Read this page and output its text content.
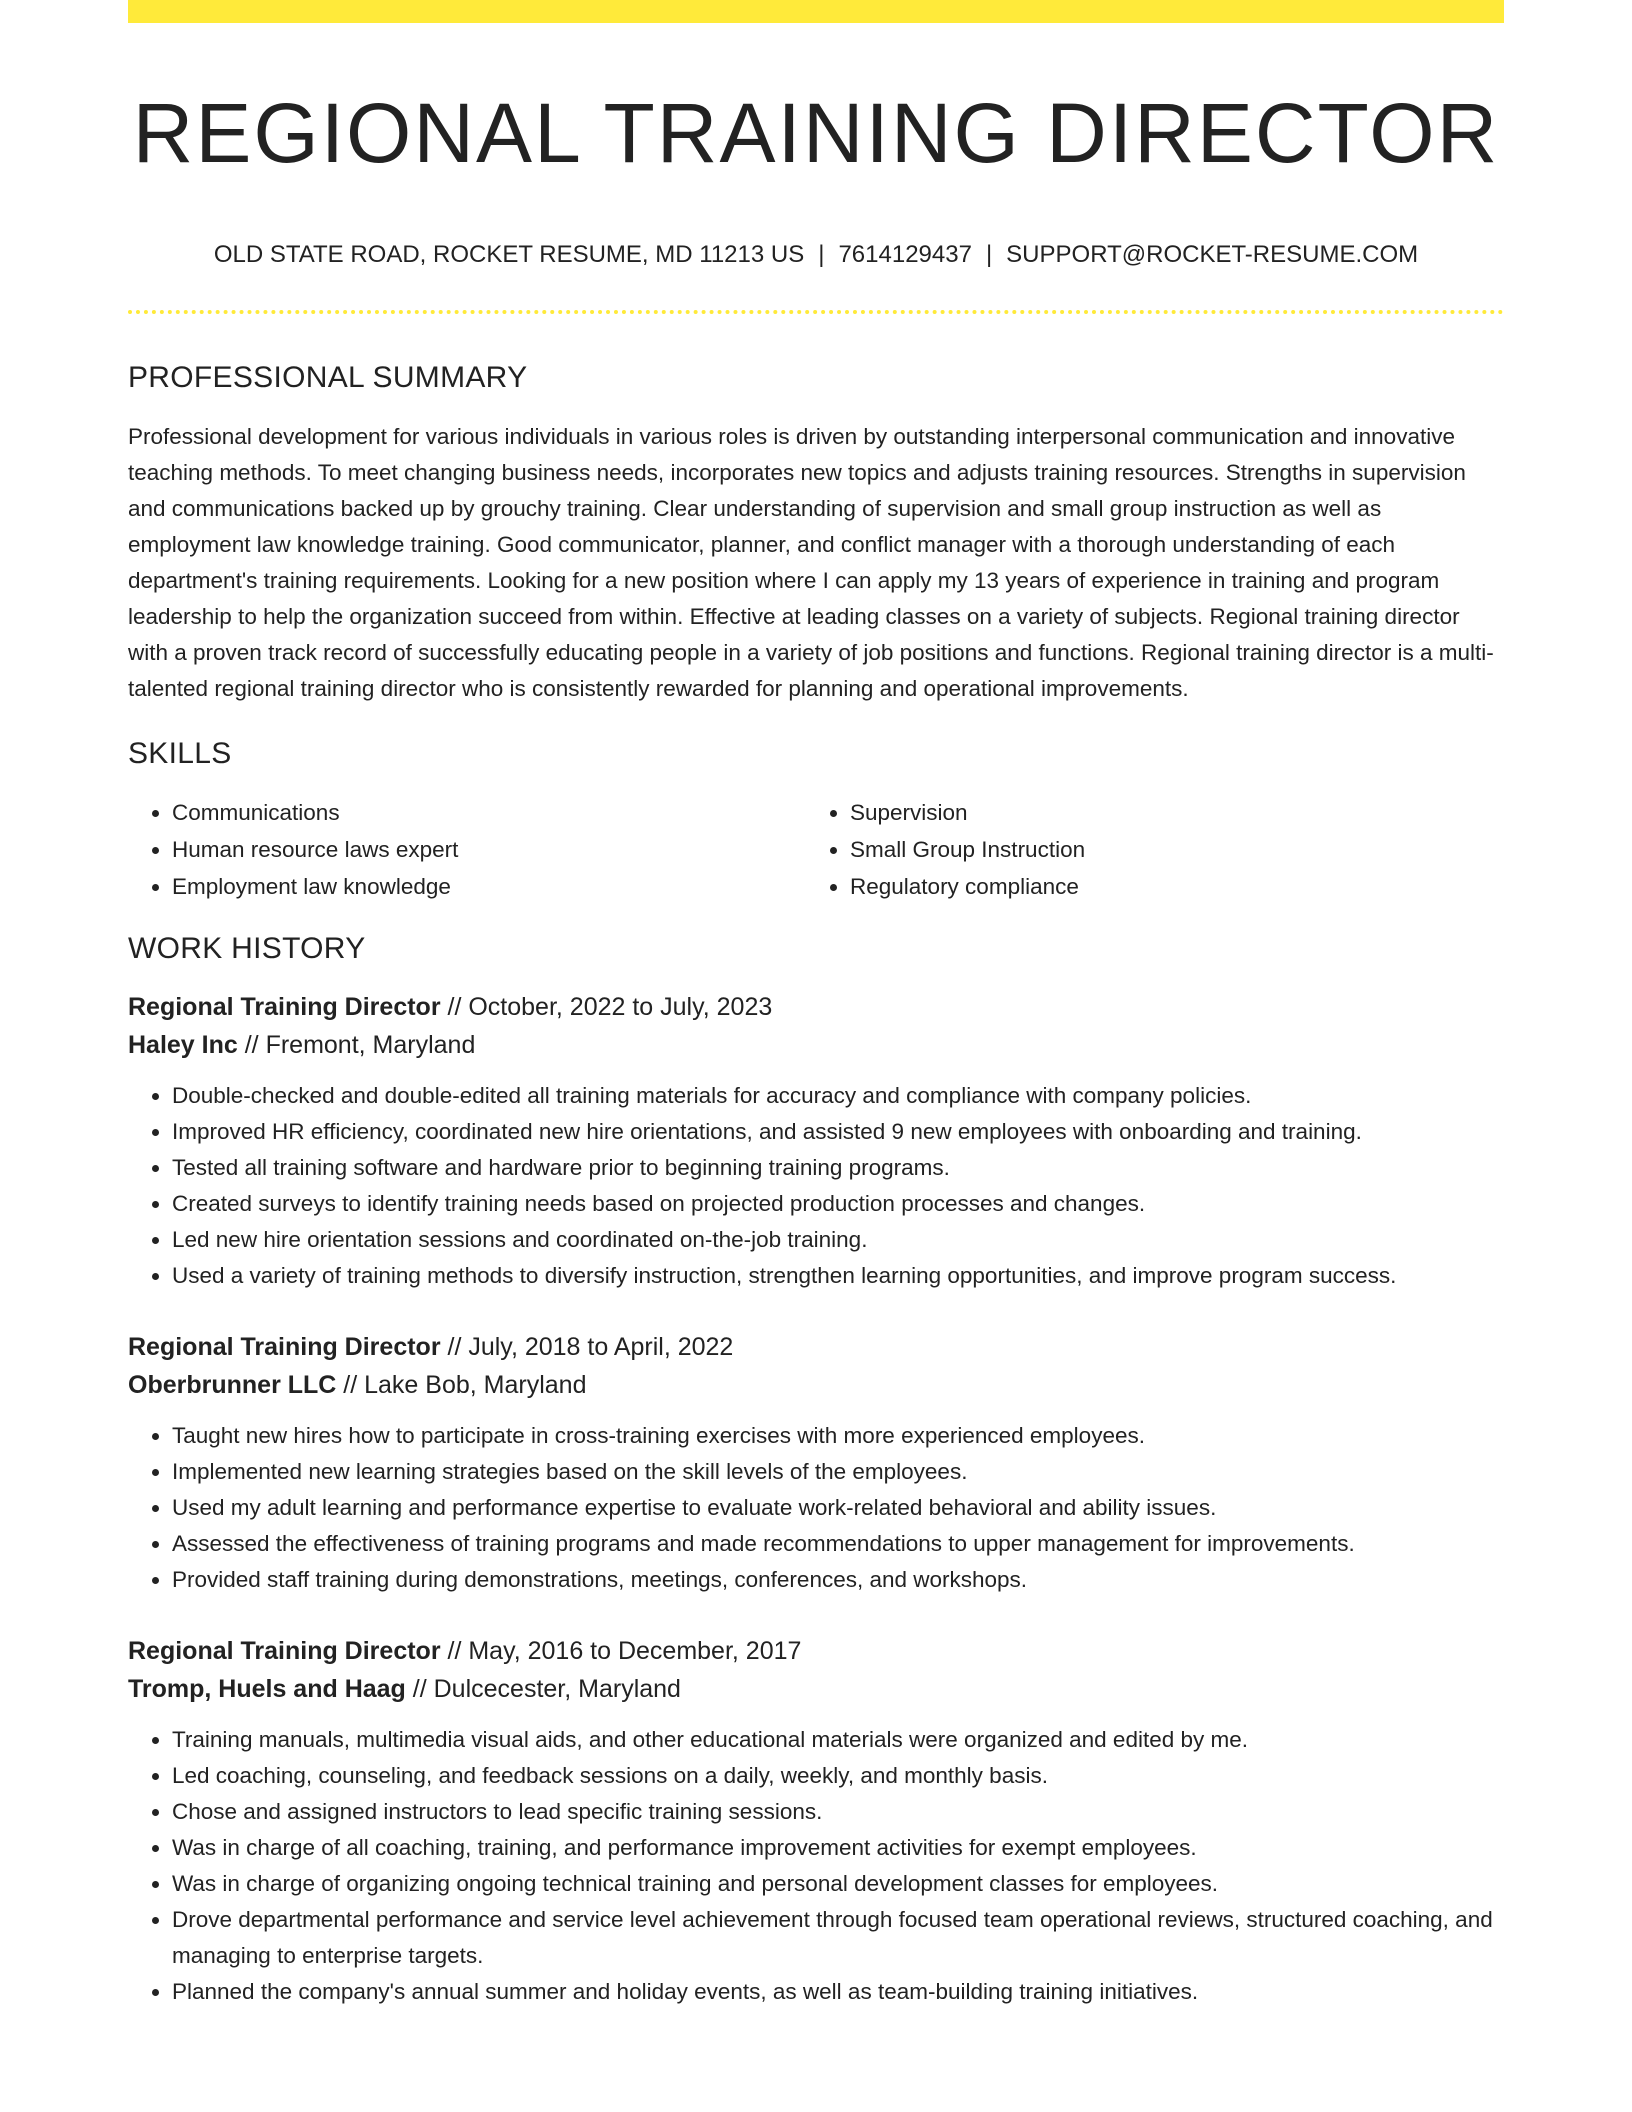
REGIONAL TRAINING DIRECTOR
OLD STATE ROAD, ROCKET RESUME, MD 11213 US | 7614129437 | SUPPORT@ROCKET-RESUME.COM
PROFESSIONAL SUMMARY

Professional development for various individuals in various roles is driven by outstanding interpersonal communication and innovative teaching methods. To meet changing business needs, incorporates new topics and adjusts training resources. Strengths in supervision and communications backed up by grouchy training. Clear understanding of supervision and small group instruction as well as employment law knowledge training. Good communicator, planner, and conflict manager with a thorough understanding of each department's training requirements. Looking for a new position where I can apply my 13 years of experience in training and program leadership to help the organization succeed from within. Effective at leading classes on a variety of subjects. Regional training director with a proven track record of successfully educating people in a variety of job positions and functions. Regional training director is a multi-talented regional training director who is consistently rewarded for planning and operational improvements.

SKILLS
• Communications
• Human resource laws expert
• Employment law knowledge
• Supervision
• Small Group Instruction
• Regulatory compliance
WORK HISTORY
Regional Training Director // October, 2022 to July, 2023
Haley Inc // Fremont, Maryland
• Double-checked and double-edited all training materials for accuracy and compliance with company policies.
• Improved HR efficiency, coordinated new hire orientations, and assisted 9 new employees with onboarding and training.
• Tested all training software and hardware prior to beginning training programs.
• Created surveys to identify training needs based on projected production processes and changes.
• Led new hire orientation sessions and coordinated on-the-job training.
• Used a variety of training methods to diversify instruction, strengthen learning opportunities, and improve program success.
Regional Training Director // July, 2018 to April, 2022
Oberbrunner LLC // Lake Bob, Maryland
• Taught new hires how to participate in cross-training exercises with more experienced employees.
• Implemented new learning strategies based on the skill levels of the employees.
• Used my adult learning and performance expertise to evaluate work-related behavioral and ability issues.
• Assessed the effectiveness of training programs and made recommendations to upper management for improvements.
• Provided staff training during demonstrations, meetings, conferences, and workshops.
Regional Training Director // May, 2016 to December, 2017
Tromp, Huels and Haag // Dulcecester, Maryland
• Training manuals, multimedia visual aids, and other educational materials were organized and edited by me.
• Led coaching, counseling, and feedback sessions on a daily, weekly, and monthly basis.
• Chose and assigned instructors to lead specific training sessions.
• Was in charge of all coaching, training, and performance improvement activities for exempt employees.
• Was in charge of organizing ongoing technical training and personal development classes for employees.
• Drove departmental performance and service level achievement through focused team operational reviews, structured coaching, and managing to enterprise targets.
• Planned the company's annual summer and holiday events, as well as team-building training initiatives.
